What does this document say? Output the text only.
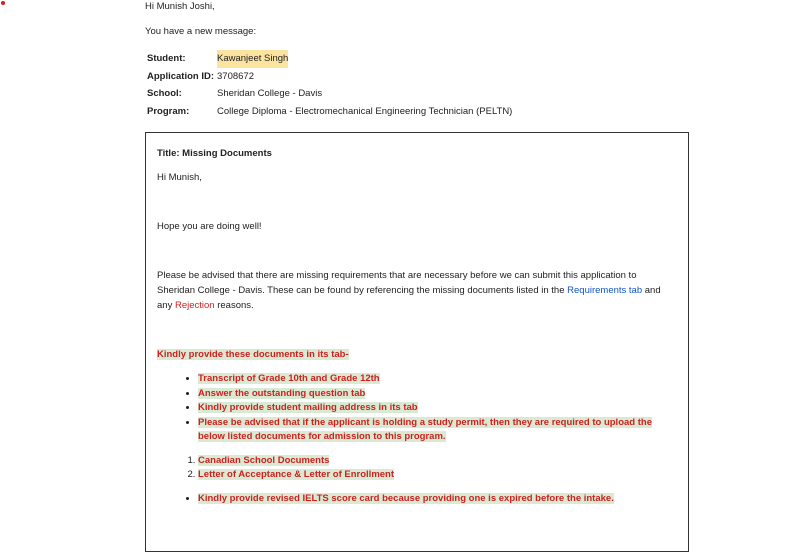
Hi Munish Joshi,
You have a new message:
Student:	Kawanjeet Singh
Application ID: 3708672
School:	Sheridan College - Davis
Program:	College Diploma - Electromechanical Engineering Technician (PELTN)

Title: Missing Documents

Hi Munish,

Hope you are doing well!

Please be advised that there are missing requirements that are necessary before we can submit this application to Sheridan College - Davis. These can be found by referencing the missing documents listed in the Requirements tab and any Rejection reasons.

Kindly provide these documents in its tab-

• Transcript of Grade 10th and Grade 12th
• Answer the outstanding question tab
• Kindly provide student mailing address in its tab
• Please be advised that if the applicant is holding a study permit, then they are required to upload the below listed documents for admission to this program.
1. Canadian School Documents
2. Letter of Acceptance & Letter of Enrollment
• Kindly provide revised IELTS score card because providing one is expired before the intake.
